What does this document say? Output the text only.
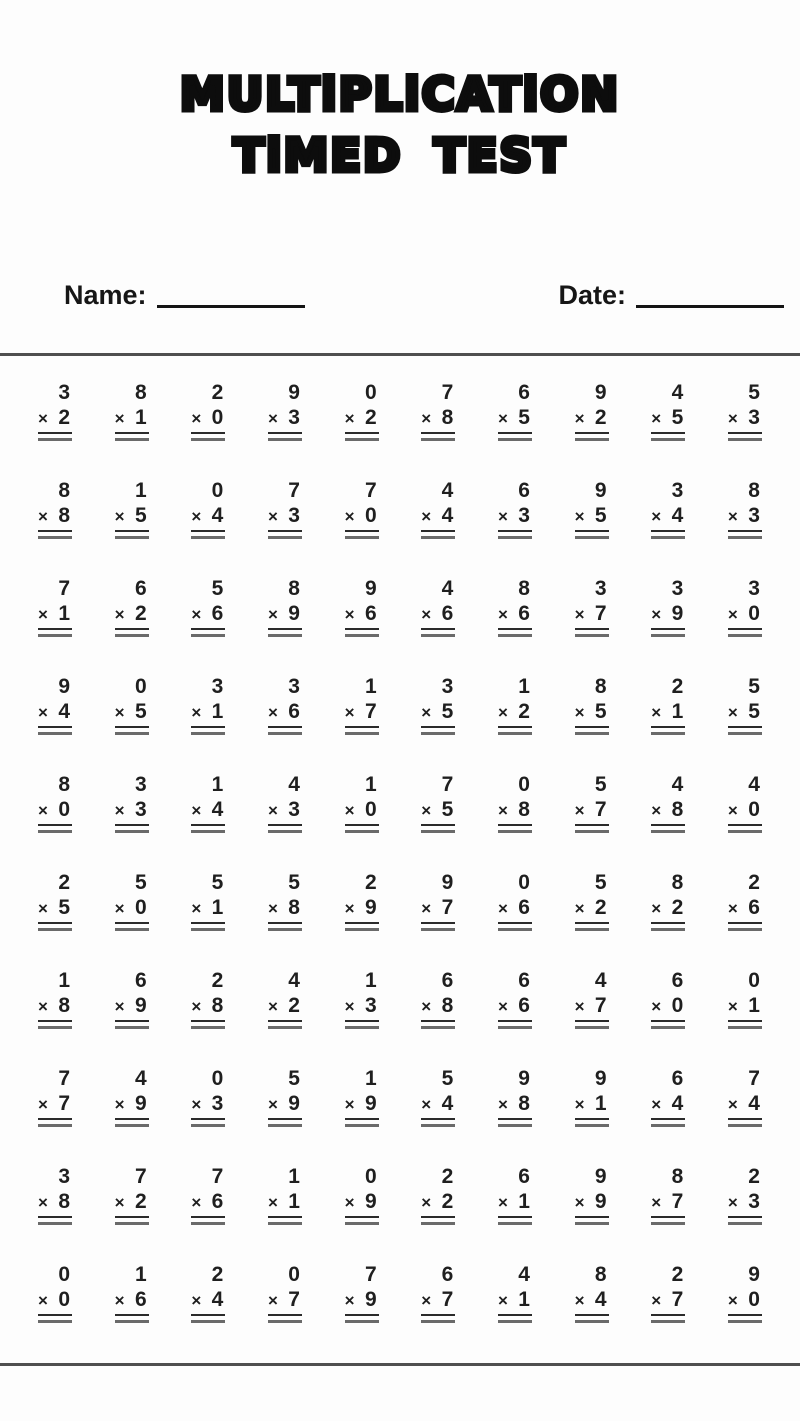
MULTiPLiCATiON
TiMED TEST
Name:	Date:
3
× 2
8
× 1
2
× 0
9
× 3
0
× 2
7
× 8
6
× 5
9
× 2
4
× 5
5
× 3
8
× 8
1
× 5
0
× 4
7
× 3
7
× 0
4
× 4
6
× 3
9
× 5
3
× 4
8
× 3
7
× 1
6
× 2
5
× 6
8
× 9
9
× 6
4
× 6
8
× 6
3
× 7
3
× 9
3
× 0
9
× 4
0
× 5
3
× 1
3
× 6
1
× 7
3
× 5
1
× 2
8
× 5
2
× 1
5
× 5
8
× 0
3
× 3
1
× 4
4
× 3
1
× 0
7
× 5
0
× 8
5
× 7
4
× 8
4
× 0
2
× 5
5
× 0
5
× 1
5
× 8
2
× 9
9
× 7
0
× 6
5
× 2
8
× 2
2
× 6
1
× 8
6
× 9
2
× 8
4
× 2
1
× 3
6
× 8
6
× 6
4
× 7
6
× 0
0
× 1
7
× 7
4
× 9
0
× 3
5
× 9
1
× 9
5
× 4
9
× 8
9
× 1
6
× 4
7
× 4
3
× 8
7
× 2
7
× 6
1
× 1
0
× 9
2
× 2
6
× 1
9
× 9
8
× 7
2
× 3
0
× 0
1
× 6
2
× 4
0
× 7
7
× 9
6
× 7
4
× 1
8
× 4
2
× 7
9
× 0
